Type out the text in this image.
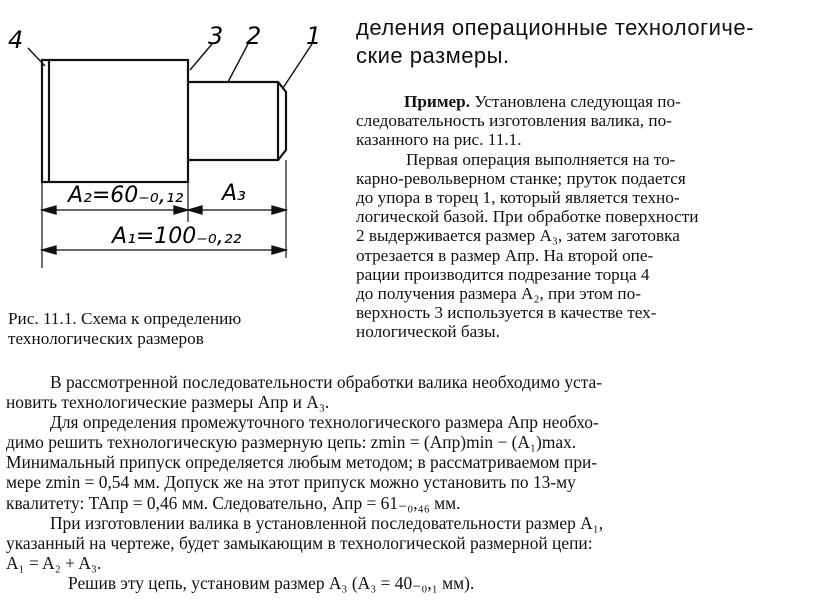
деления операционные технологиче-
ские размеры.
Пример. Установлена следующая по-
следовательность изготовления валика, по-
казанного на рис. 11.1.
Первая операция выполняется на то-
карно-револьверном станке; пруток подается
до упора в торец 1, который является техно-
логической базой. При обработке поверхности
2 выдерживается размер A₃, затем заготовка
отрезается в размер Aпр. На второй опе-
рации производится подрезание торца 4
до получения размера A₂, при этом по-
верхность 3 используется в качестве тех-
нологической базы.
4	3 2 1
A₂=60₋₀,₁₂ A₃
A₁=100₋₀,₂₂
Рис. 11.1. Схема к определению
технологических размеров
В рассмотренной последовательности обработки валика необходимо уста-
новить технологические размеры Aпр и A₃.
Для определения промежуточного технологического размера Aпр необхо-
димо решить технологическую размерную цепь: zmin = (Aпр)min − (A₁)max.
Минимальный припуск определяется любым методом; в рассматриваемом при-
мере zmin = 0,54 мм. Допуск же на этот припуск можно установить по 13-му
квалитету: TAпр = 0,46 мм. Следовательно, Aпр = 61₋₀,₄₆ мм.
При изготовлении валика в установленной последовательности размер A₁,
указанный на чертеже, будет замыкающим в технологической размерной цепи:
A₁ = A₂ + A₃.
Решив эту цепь, установим размер A₃ (A₃ = 40₋₀,₁ мм).
